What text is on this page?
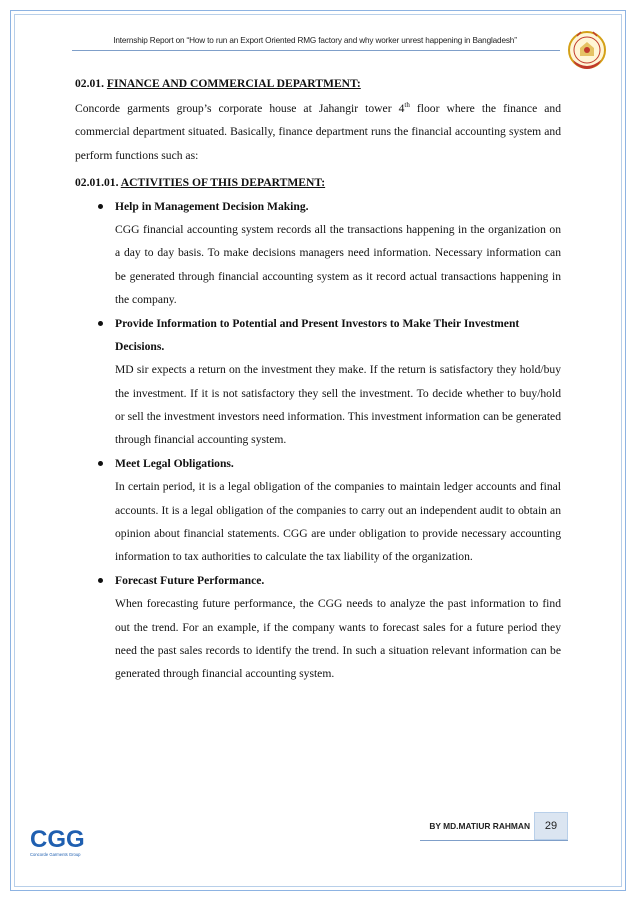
Internship Report on “How to run an Export Oriented RMG factory and why worker unrest happening in Bangladesh”

02.01. FINANCE AND COMMERCIAL DEPARTMENT:

Concorde garments group’s corporate house at Jahangir tower 4th floor where the finance and commercial department situated. Basically, finance department runs the financial accounting system and perform functions such as:

02.01.01. ACTIVITIES OF THIS DEPARTMENT:

Help in Management Decision Making.
CGG financial accounting system records all the transactions happening in the organization on a day to day basis. To make decisions managers need information. Necessary information can be generated through financial accounting system as it record actual transactions happening in the company.
Provide Information to Potential and Present Investors to Make Their Investment Decisions.
MD sir expects a return on the investment they make. If the return is satisfactory they hold/buy the investment. If it is not satisfactory they sell the investment. To decide whether to buy/hold or sell the investment investors need information. This investment information can be generated through financial accounting system.
Meet Legal Obligations.
In certain period, it is a legal obligation of the companies to maintain ledger accounts and final accounts. It is a legal obligation of the companies to carry out an independent audit to obtain an opinion about financial statements. CGG are under obligation to provide necessary accounting information to tax authorities to calculate the tax liability of the organization.
Forecast Future Performance.
When forecasting future performance, the CGG needs to analyze the past information to find out the trend. For an example, if the company wants to forecast sales for a future period they need the past sales records to identify the trend. In such a situation relevant information can be generated through financial accounting system.
CGG
Concorde Garments Group
BY MD.MATIUR RAHMAN	29
